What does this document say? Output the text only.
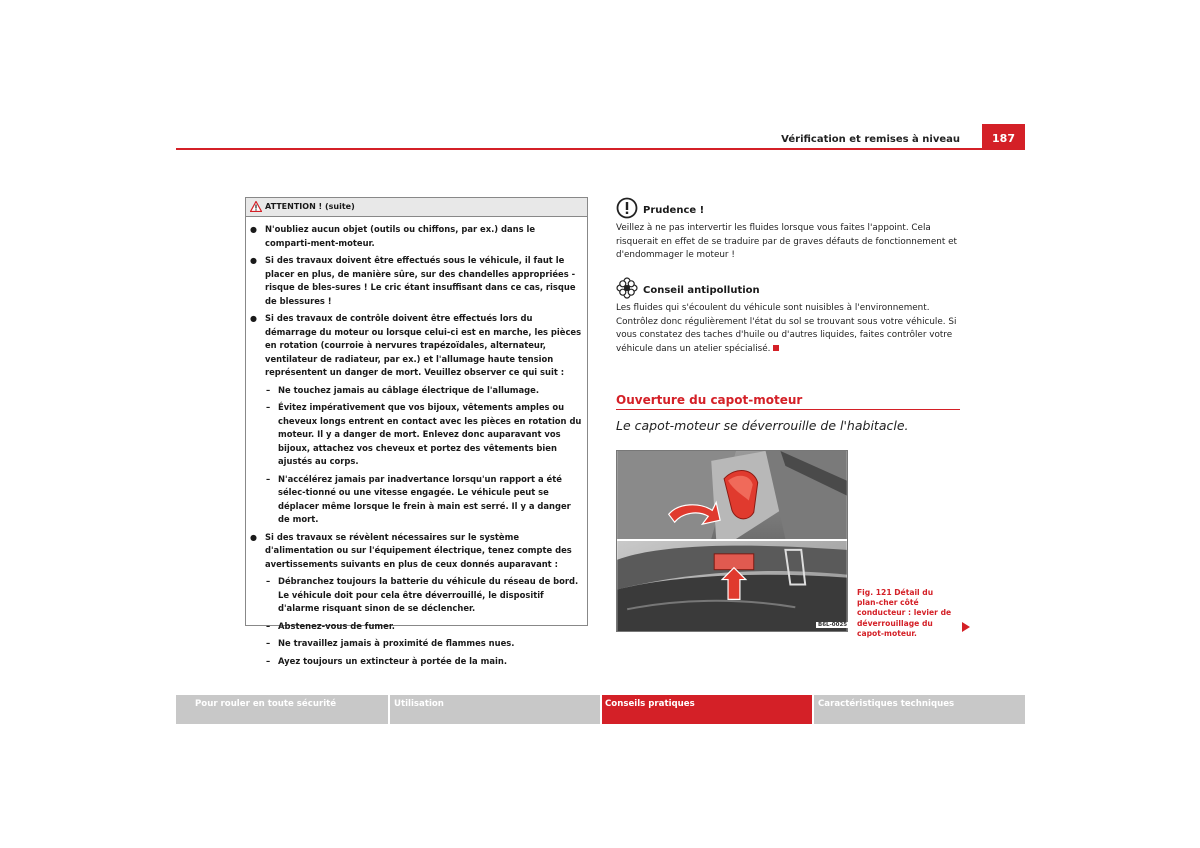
Vérification et remises à niveau	187
ATTENTION ! (suite)
● N'oubliez aucun objet (outils ou chiffons, par ex.) dans le comparti-ment-moteur.
● Si des travaux doivent être effectués sous le véhicule, il faut le placer en plus, de manière sûre, sur des chandelles appropriées - risque de bles-sures ! Le cric étant insuffisant dans ce cas, risque de blessures !
● Si des travaux de contrôle doivent être effectués lors du démarrage du moteur ou lorsque celui-ci est en marche, les pièces en rotation (courroie à nervures trapézoïdales, alternateur, ventilateur de radiateur, par ex.) et l'allumage haute tension représentent un danger de mort. Veuillez observer ce qui suit :
– Ne touchez jamais au câblage électrique de l'allumage.
– Évitez impérativement que vos bijoux, vêtements amples ou cheveux longs entrent en contact avec les pièces en rotation du moteur. Il y a danger de mort. Enlevez donc auparavant vos bijoux, attachez vos cheveux et portez des vêtements bien ajustés au corps.
– N'accélérez jamais par inadvertance lorsqu'un rapport a été sélec-tionné ou une vitesse engagée. Le véhicule peut se déplacer même lorsque le frein à main est serré. Il y a danger de mort.
● Si des travaux se révèlent nécessaires sur le système d'alimentation ou sur l'équipement électrique, tenez compte des avertissements suivants en plus de ceux donnés auparavant :
– Débranchez toujours la batterie du véhicule du réseau de bord. Le véhicule doit pour cela être déverrouillé, le dispositif d'alarme risquant sinon de se déclencher.
– Abstenez-vous de fumer.
– Ne travaillez jamais à proximité de flammes nues.
– Ayez toujours un extincteur à portée de la main.
Prudence !
Veillez à ne pas intervertir les fluides lorsque vous faites l'appoint. Cela risquerait en effet de se traduire par de graves défauts de fonctionnement et d'endommager le moteur !
Conseil antipollution
Les fluides qui s'écoulent du véhicule sont nuisibles à l'environnement. Contrôlez donc régulièrement l'état du sol se trouvant sous votre véhicule. Si vous constatez des taches d'huile ou d'autres liquides, faites contrôler votre véhicule dans un atelier spécialisé.
Ouverture du capot-moteur
Le capot-moteur se déverrouille de l'habitacle.
B6L-0025
Fig. 121 Détail du plan-cher côté conducteur : levier de déverrouillage du capot-moteur.
Pour rouler en toute sécurité	Utilisation	Conseils pratiques	Caractéristiques techniques
